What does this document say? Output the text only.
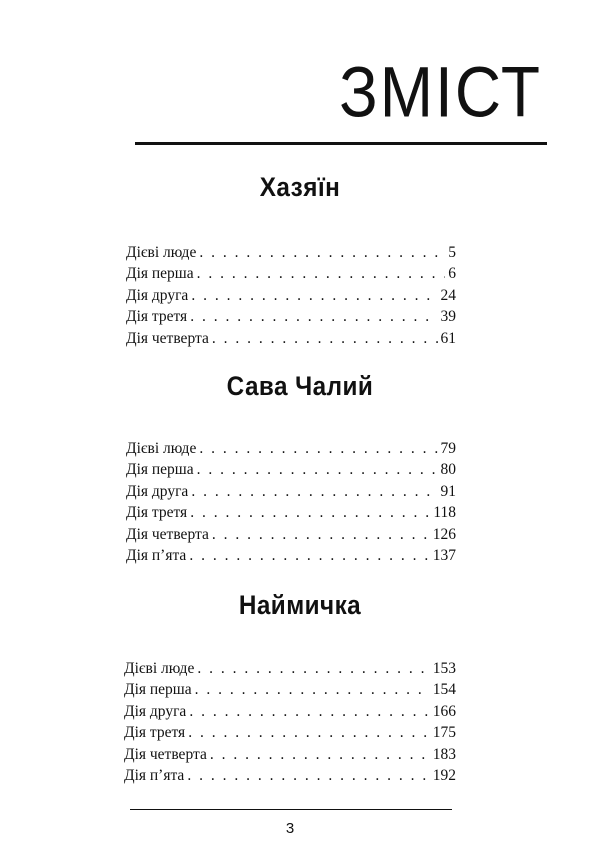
ЗМІСТ
Хазяїн
Дієві люде . . .	5
Дія перша . . .	6
Дія друга . . .	24
Дія третя . . .	39
Дія четверта . . .	61
Сава Чалий
Дієві люде . . .	79
Дія перша . . .	80
Дія друга . . .	91
Дія третя . . .	118
Дія четверта . . .	126
Дія п’ята . . .	137
Наймичка
Дієві люде . . .	153
Дія перша . . .	154
Дія друга . . .	166
Дія третя . . .	175
Дія четверта . . .	183
Дія п’ята . . .	192
3
